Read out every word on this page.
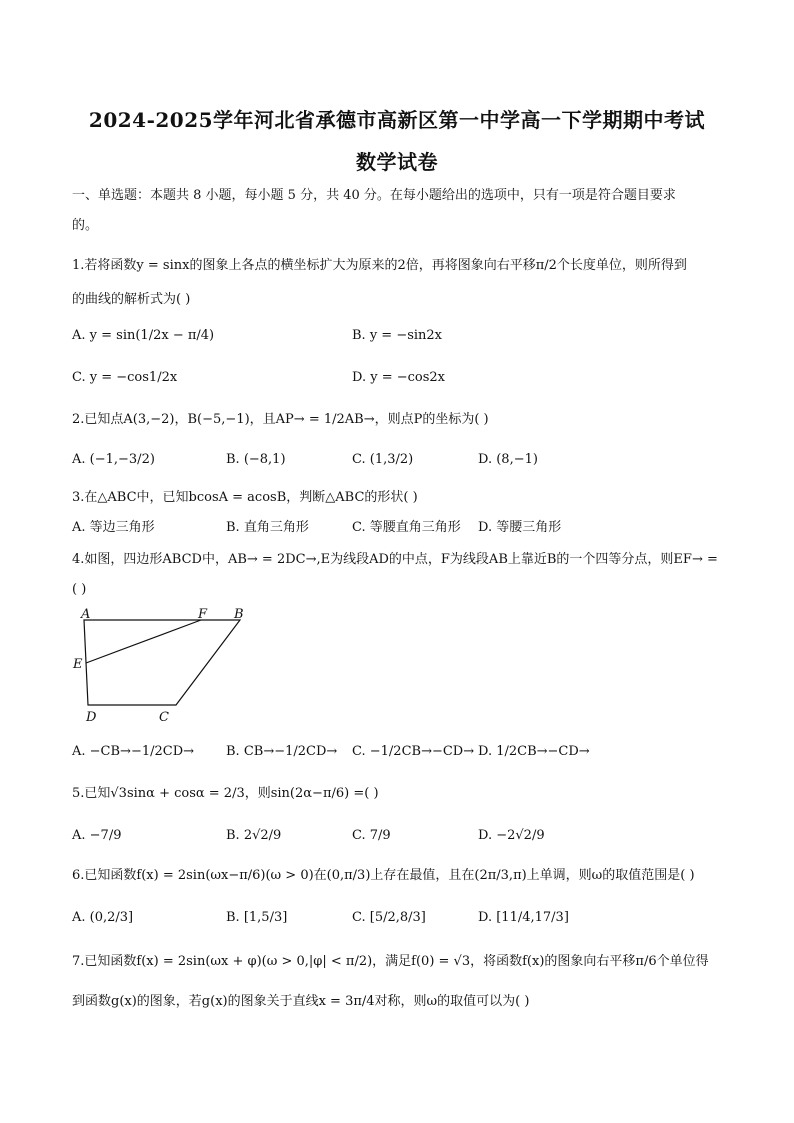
2024-2025学年河北省承德市高新区第一中学高一下学期期中考试
数学试卷
一、单选题：本题共 8 小题，每小题 5 分，共 40 分。在每小题给出的选项中，只有一项是符合题目要求
的。
1.若将函数y = sinx的图象上各点的横坐标扩大为原来的2倍，再将图象向右平移π/2个长度单位，则所得到
的曲线的解析式为( )
A. y = sin(1/2x − π/4)	B. y = −sin2x
C. y = −cos1/2x	D. y = −cos2x
2.已知点A(3,−2)，B(−5,−1)，且AP→ = 1/2AB→，则点P的坐标为( )
A. (−1,−3/2)	B. (−8,1)	C. (1,3/2)	D. (8,−1)
3.在△ABC中，已知bcosA = acosB，判断△ABC的形状( )
A. 等边三角形	B. 直角三角形	C. 等腰直角三角形 D. 等腰三角形
4.如图，四边形ABCD中，AB→ = 2DC→,E为线段AD的中点，F为线段AB上靠近B的一个四等分点，则EF→ =
( )
A	F B
E
D	C
A. −CB→−1/2CD→ B. CB→−1/2CD→ C. −1/2CB→−CD→ D. 1/2CB→−CD→
5.已知√3sinα + cosα = 2/3，则sin(2α−π/6) =( )
A. −7/9	B. 2√2/9	C. 7/9	D. −2√2/9
6.已知函数f(x) = 2sin(ωx−π/6)(ω > 0)在(0,π/3)上存在最值，且在(2π/3,π)上单调，则ω的取值范围是( )
A. (0,2/3]	B. [1,5/3]	C. [5/2,8/3]	D. [11/4,17/3]
7.已知函数f(x) = 2sin(ωx + φ)(ω > 0,|φ| < π/2)，满足f(0) = √3，将函数f(x)的图象向右平移π/6个单位得
到函数g(x)的图象，若g(x)的图象关于直线x = 3π/4对称，则ω的取值可以为( )
